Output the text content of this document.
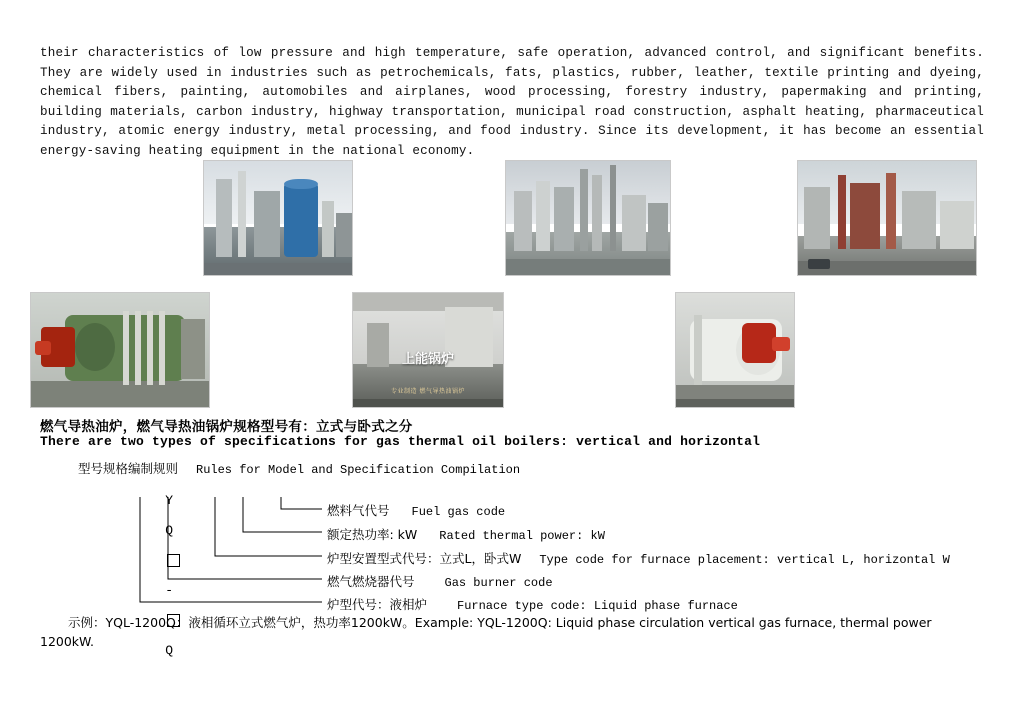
their characteristics of low pressure and high temperature, safe operation, advanced control, and significant benefits. They are widely used in industries such as petrochemicals, fats, plastics, rubber, leather, textile printing and dyeing, chemical fibers, painting, automobiles and airplanes, wood processing, forestry industry, papermaking and printing, building materials, carbon industry, highway transportation, municipal road construction, asphalt heating, pharmaceutical industry, atomic energy industry, metal processing, and food industry. Since its development, it has become an essential energy-saving heating equipment in the national economy.
上能锅炉
专业制造 燃气导热油锅炉
燃气导热油炉，燃气导热油锅炉规格型号有：立式与卧式之分
There are two types of specifications for gas thermal oil boilers: vertical and horizontal
型号规格编制规则 Rules for Model and Specification Compilation

Y

Q

-

Q

燃料气代号 Fuel gas code
额定热功率: kW Rated thermal power: kW
炉型安置型式代号：立式L，卧式W Type code for furnace placement: vertical L, horizontal W
燃气燃烧器代号 Gas burner code
炉型代号：液相炉 Furnace type code: Liquid phase furnace
示例：YQL-1200Q：液相循环立式燃气炉，热功率1200kW。Example: YQL-1200Q: Liquid phase circulation vertical gas furnace, thermal power 1200kW.
